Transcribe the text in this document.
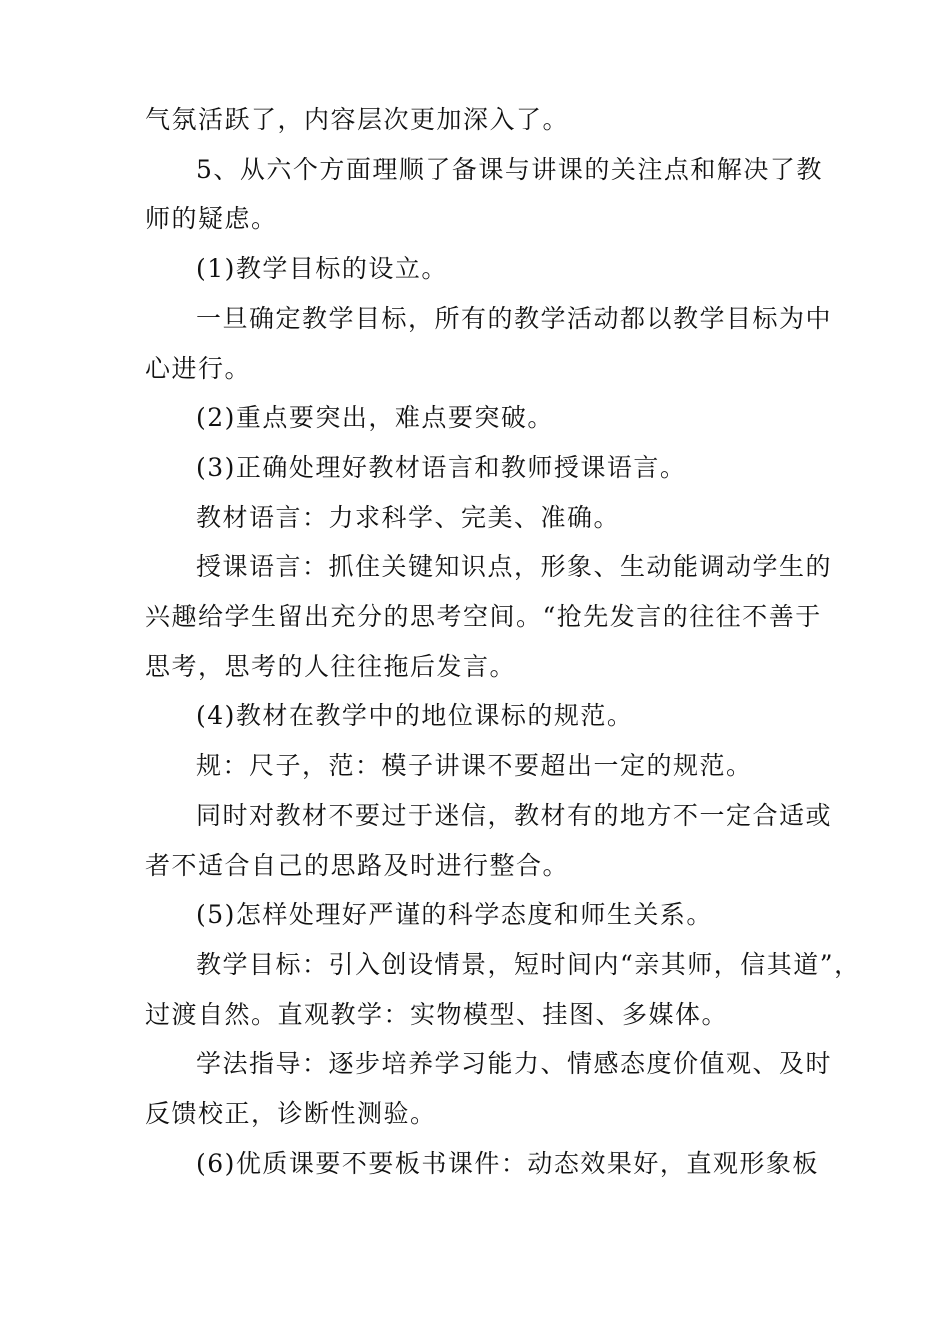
气氛活跃了，内容层次更加深入了。

5、从六个方面理顺了备课与讲课的关注点和解决了教
师的疑虑。

(1)教学目标的设立。

一旦确定教学目标，所有的教学活动都以教学目标为中
心进行。

(2)重点要突出，难点要突破。

(3)正确处理好教材语言和教师授课语言。

教材语言：力求科学、完美、准确。

授课语言：抓住关键知识点，形象、生动能调动学生的
兴趣给学生留出充分的思考空间。“抢先发言的往往不善于
思考，思考的人往往拖后发言。

(4)教材在教学中的地位课标的规范。

规：尺子，范：模子讲课不要超出一定的规范。

同时对教材不要过于迷信，教材有的地方不一定合适或
者不适合自己的思路及时进行整合。

(5)怎样处理好严谨的科学态度和师生关系。

教学目标：引入创设情景，短时间内“亲其师，信其道”，
过渡自然。直观教学：实物模型、挂图、多媒体。

学法指导：逐步培养学习能力、情感态度价值观、及时
反馈校正，诊断性测验。

(6)优质课要不要板书课件：动态效果好，直观形象板
